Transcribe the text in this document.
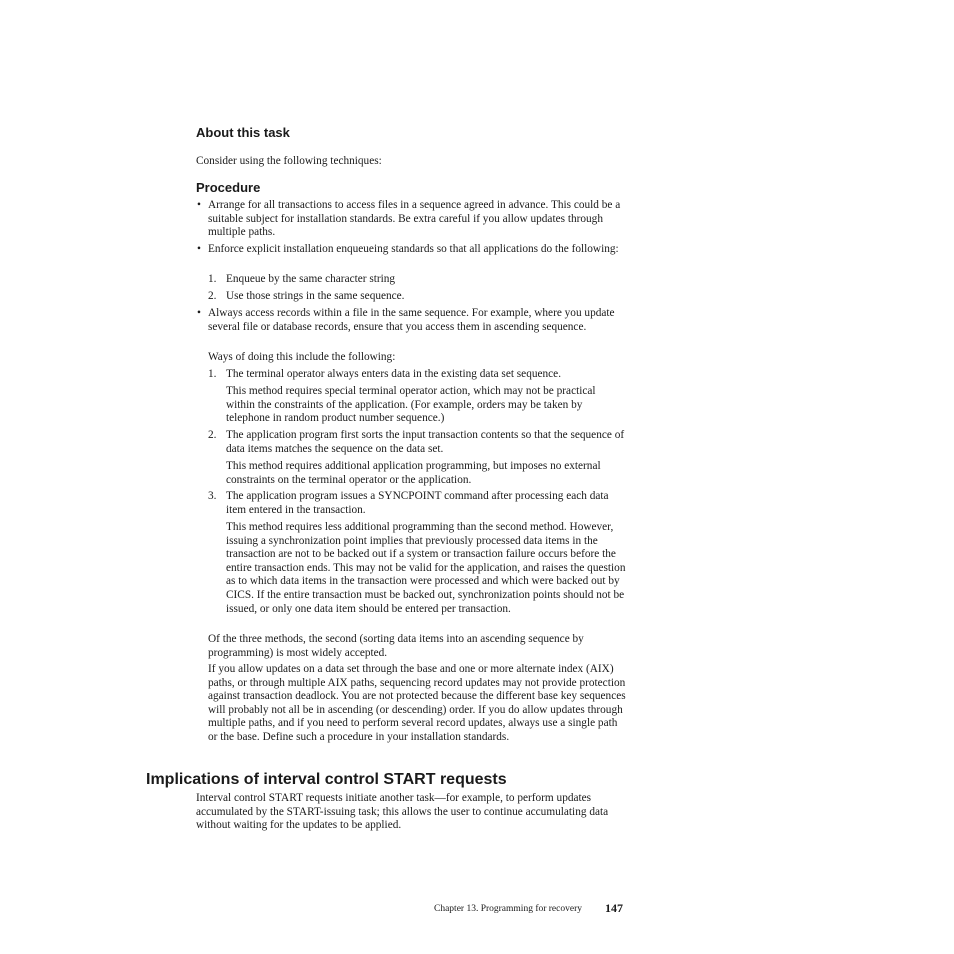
About this task
Consider using the following techniques:
Procedure
• Arrange for all transactions to access files in a sequence agreed in advance. This could be a suitable subject for installation standards. Be extra careful if you allow updates through multiple paths.
• Enforce explicit installation enqueueing standards so that all applications do the following:
1. Enqueue by the same character string
2. Use those strings in the same sequence.
• Always access records within a file in the same sequence. For example, where you update several file or database records, ensure that you access them in ascending sequence.
Ways of doing this include the following:
1. The terminal operator always enters data in the existing data set sequence.
This method requires special terminal operator action, which may not be practical within the constraints of the application. (For example, orders may be taken by telephone in random product number sequence.)
2. The application program first sorts the input transaction contents so that the sequence of data items matches the sequence on the data set.
This method requires additional application programming, but imposes no external constraints on the terminal operator or the application.
3. The application program issues a SYNCPOINT command after processing each data item entered in the transaction.
This method requires less additional programming than the second method. However, issuing a synchronization point implies that previously processed data items in the transaction are not to be backed out if a system or transaction failure occurs before the entire transaction ends. This may not be valid for the application, and raises the question as to which data items in the transaction were processed and which were backed out by CICS. If the entire transaction must be backed out, synchronization points should not be issued, or only one data item should be entered per transaction.
Of the three methods, the second (sorting data items into an ascending sequence by programming) is most widely accepted.
If you allow updates on a data set through the base and one or more alternate index (AIX) paths, or through multiple AIX paths, sequencing record updates may not provide protection against transaction deadlock. You are not protected because the different base key sequences will probably not all be in ascending (or descending) order. If you do allow updates through multiple paths, and if you need to perform several record updates, always use a single path or the base. Define such a procedure in your installation standards.
Implications of interval control START requests
Interval control START requests initiate another task—for example, to perform updates accumulated by the START-issuing task; this allows the user to continue accumulating data without waiting for the updates to be applied.
Chapter 13. Programming for recovery 147
